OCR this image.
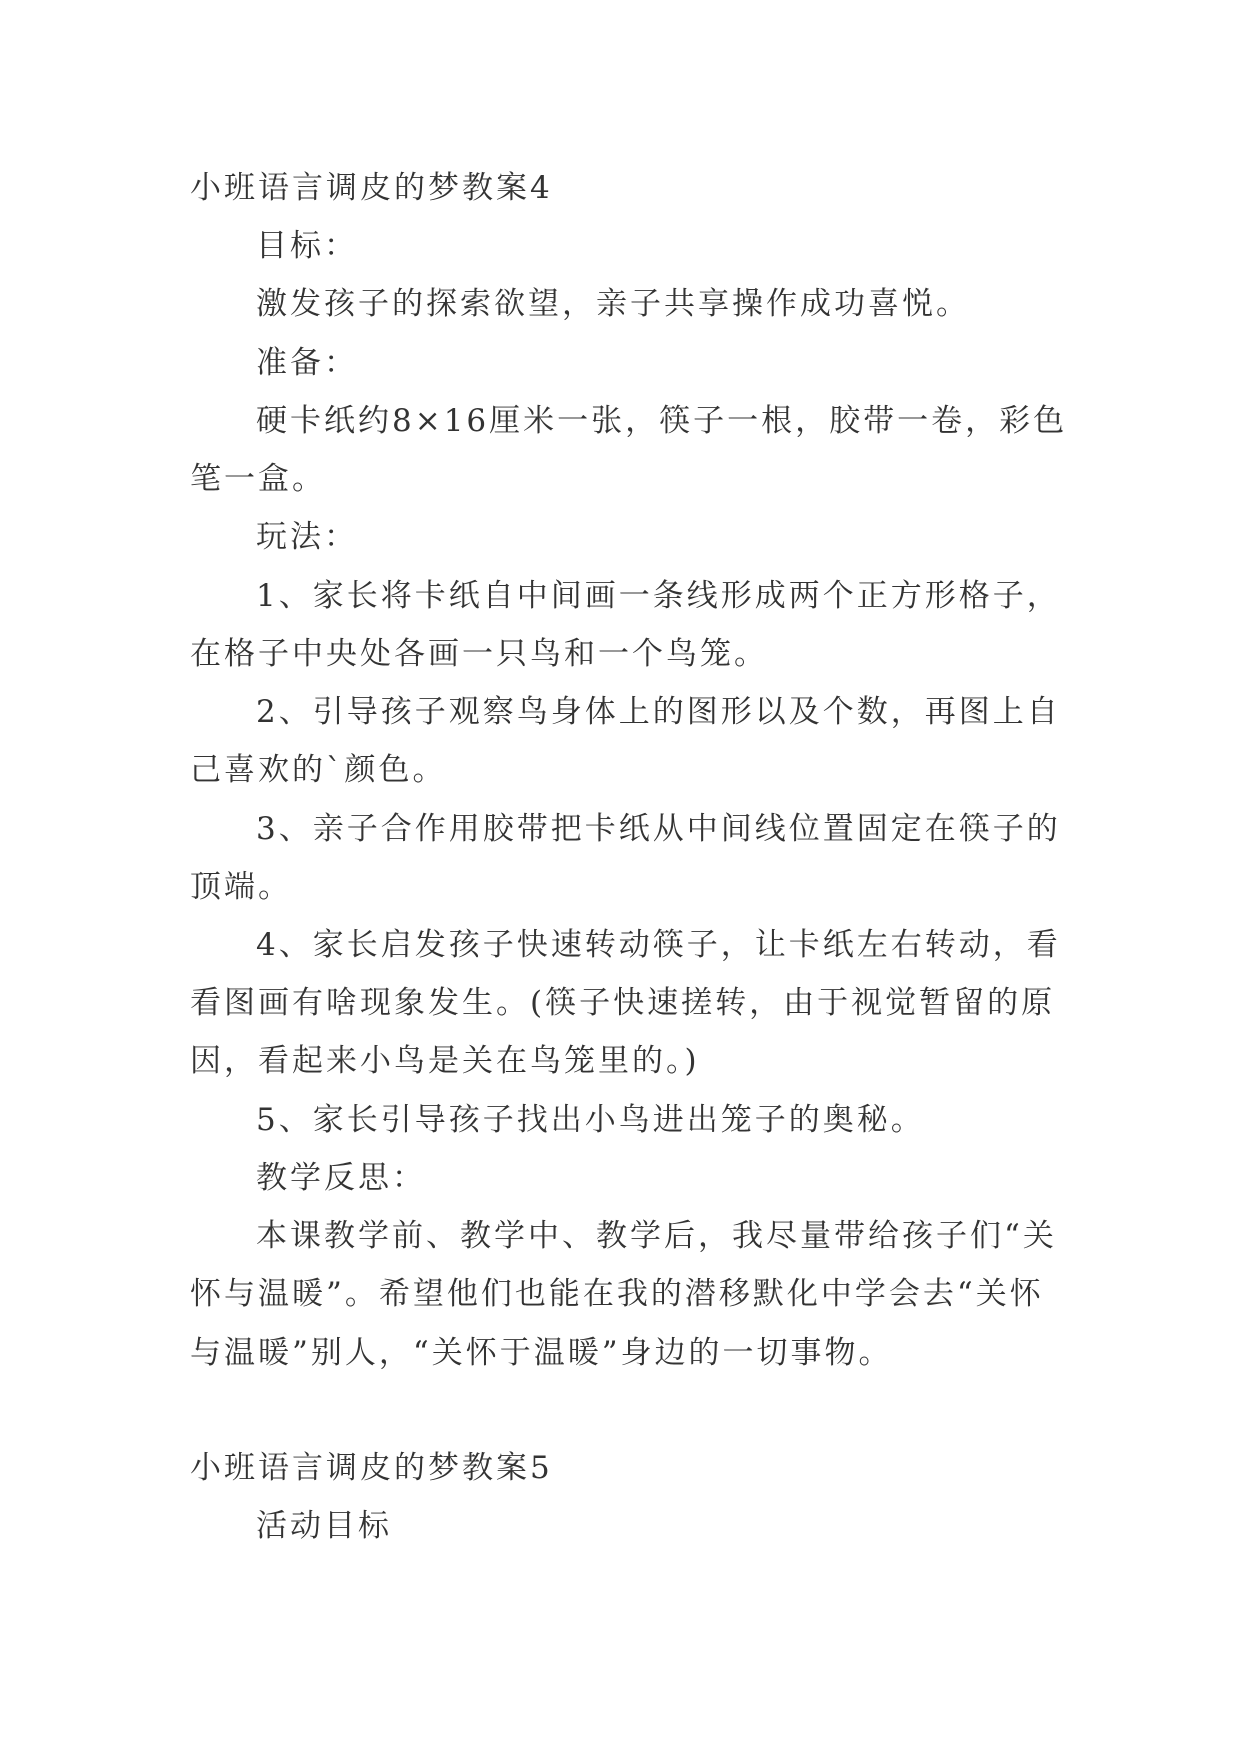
小班语言调皮的梦教案4
目标：
激发孩子的探索欲望，亲子共享操作成功喜悦。
准备：
硬卡纸约8×16厘米一张，筷子一根，胶带一卷，彩色
笔一盒。
玩法：
1、家长将卡纸自中间画一条线形成两个正方形格子，
在格子中央处各画一只鸟和一个鸟笼。
2、引导孩子观察鸟身体上的图形以及个数，再图上自
己喜欢的`颜色。
3、亲子合作用胶带把卡纸从中间线位置固定在筷子的
顶端。
4、家长启发孩子快速转动筷子，让卡纸左右转动，看
看图画有啥现象发生。(筷子快速搓转，由于视觉暂留的原
因，看起来小鸟是关在鸟笼里的。)
5、家长引导孩子找出小鸟进出笼子的奥秘。
教学反思：
本课教学前、教学中、教学后，我尽量带给孩子们“关
怀与温暖”。希望他们也能在我的潜移默化中学会去“关怀
与温暖”别人，“关怀于温暖”身边的一切事物。
小班语言调皮的梦教案5
活动目标
